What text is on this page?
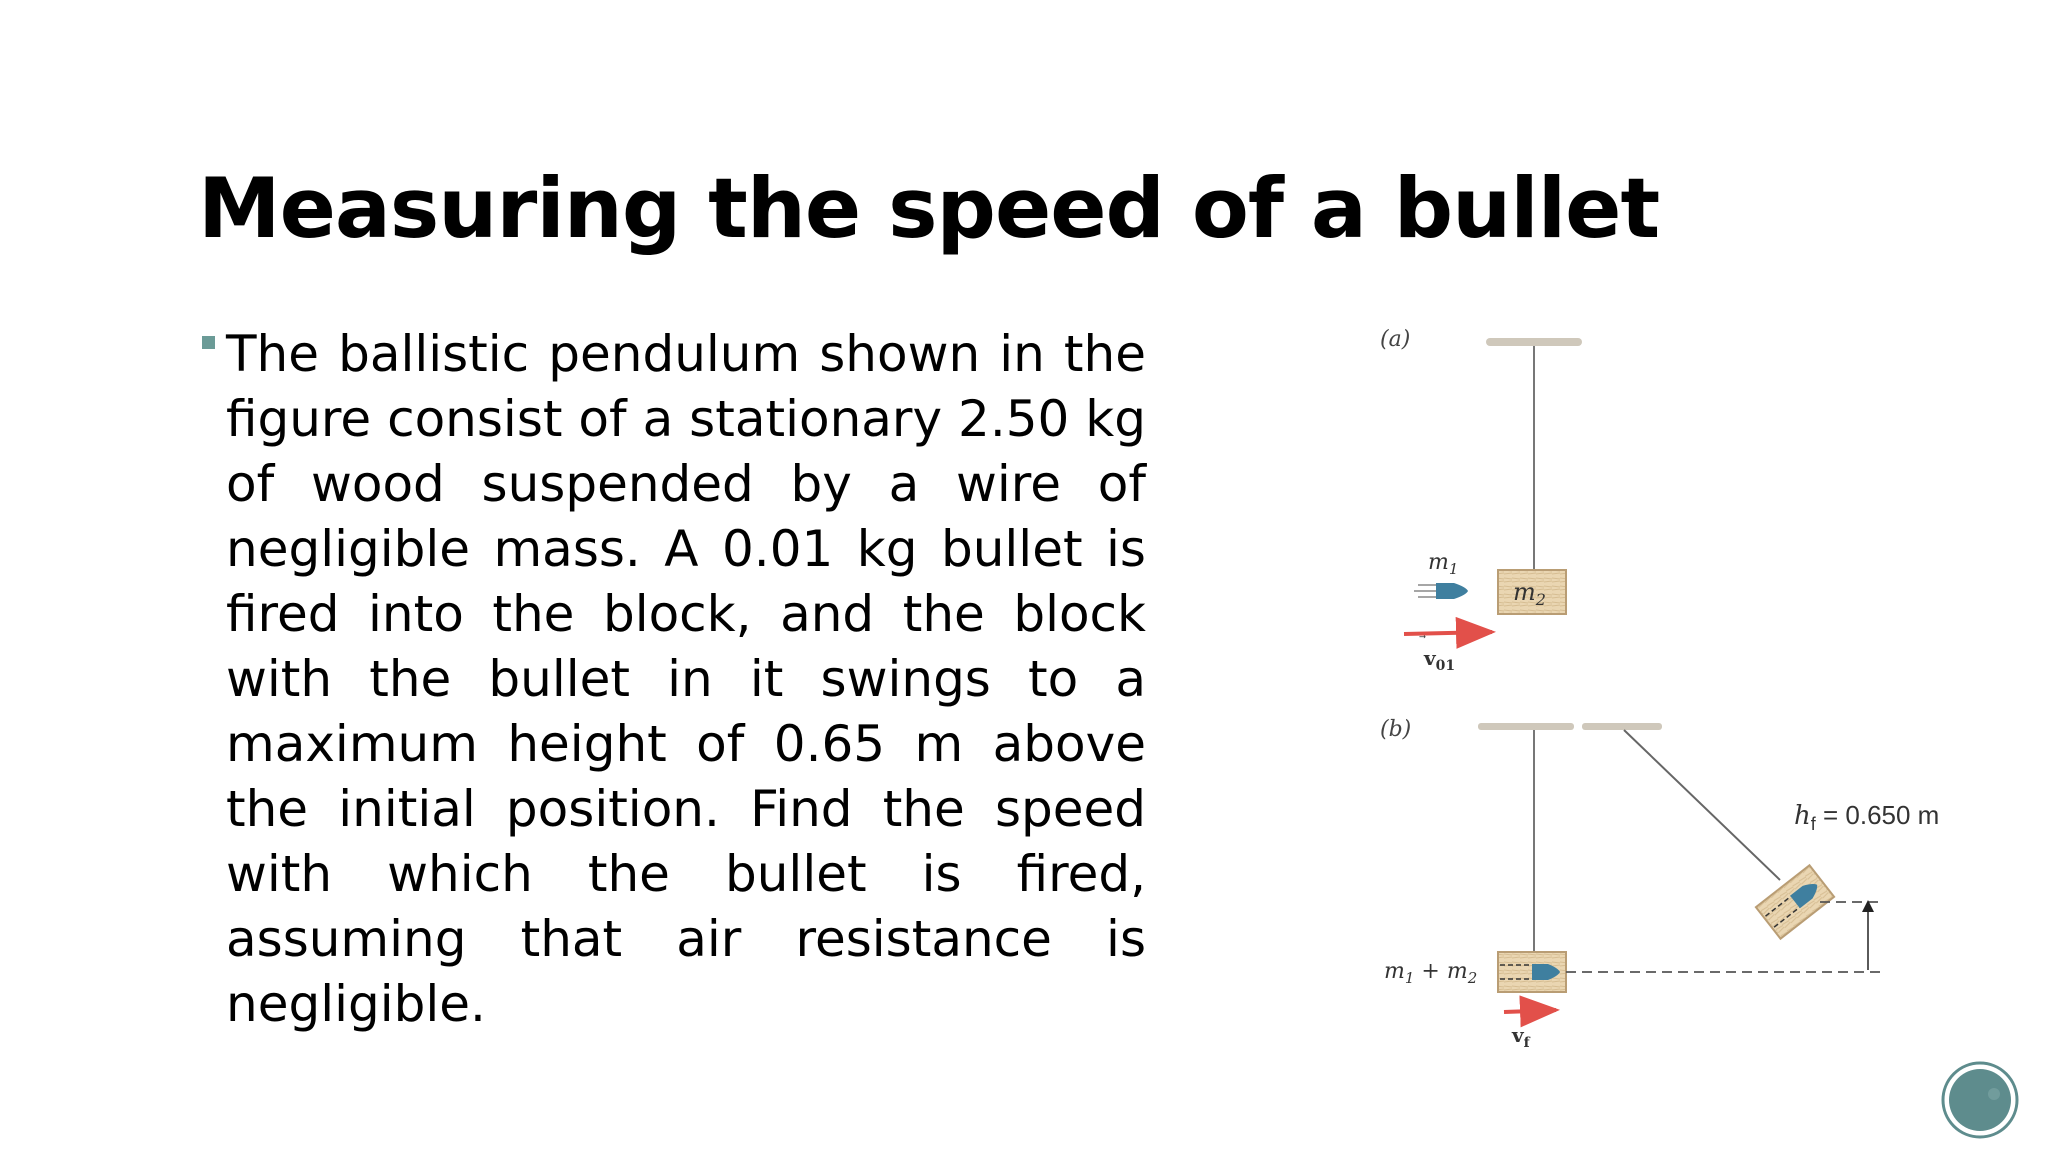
Measuring the speed of a bullet

The ballistic pendulum shown in the figure consist of a stationary 2.50 kg of wood suspended by a wire of negligible mass. A 0.01 kg bullet is fired into the block, and the block with the bullet in it swings to a maximum height of 0.65 m above the initial position. Find the speed with which the bullet is fired, assuming that air resistance is negligible.

(a)
$m_2$
$m_1$
$v_{01}$
(b)
$h_f = 0.650$ m
$m_1 + m_2$
$v_f$
